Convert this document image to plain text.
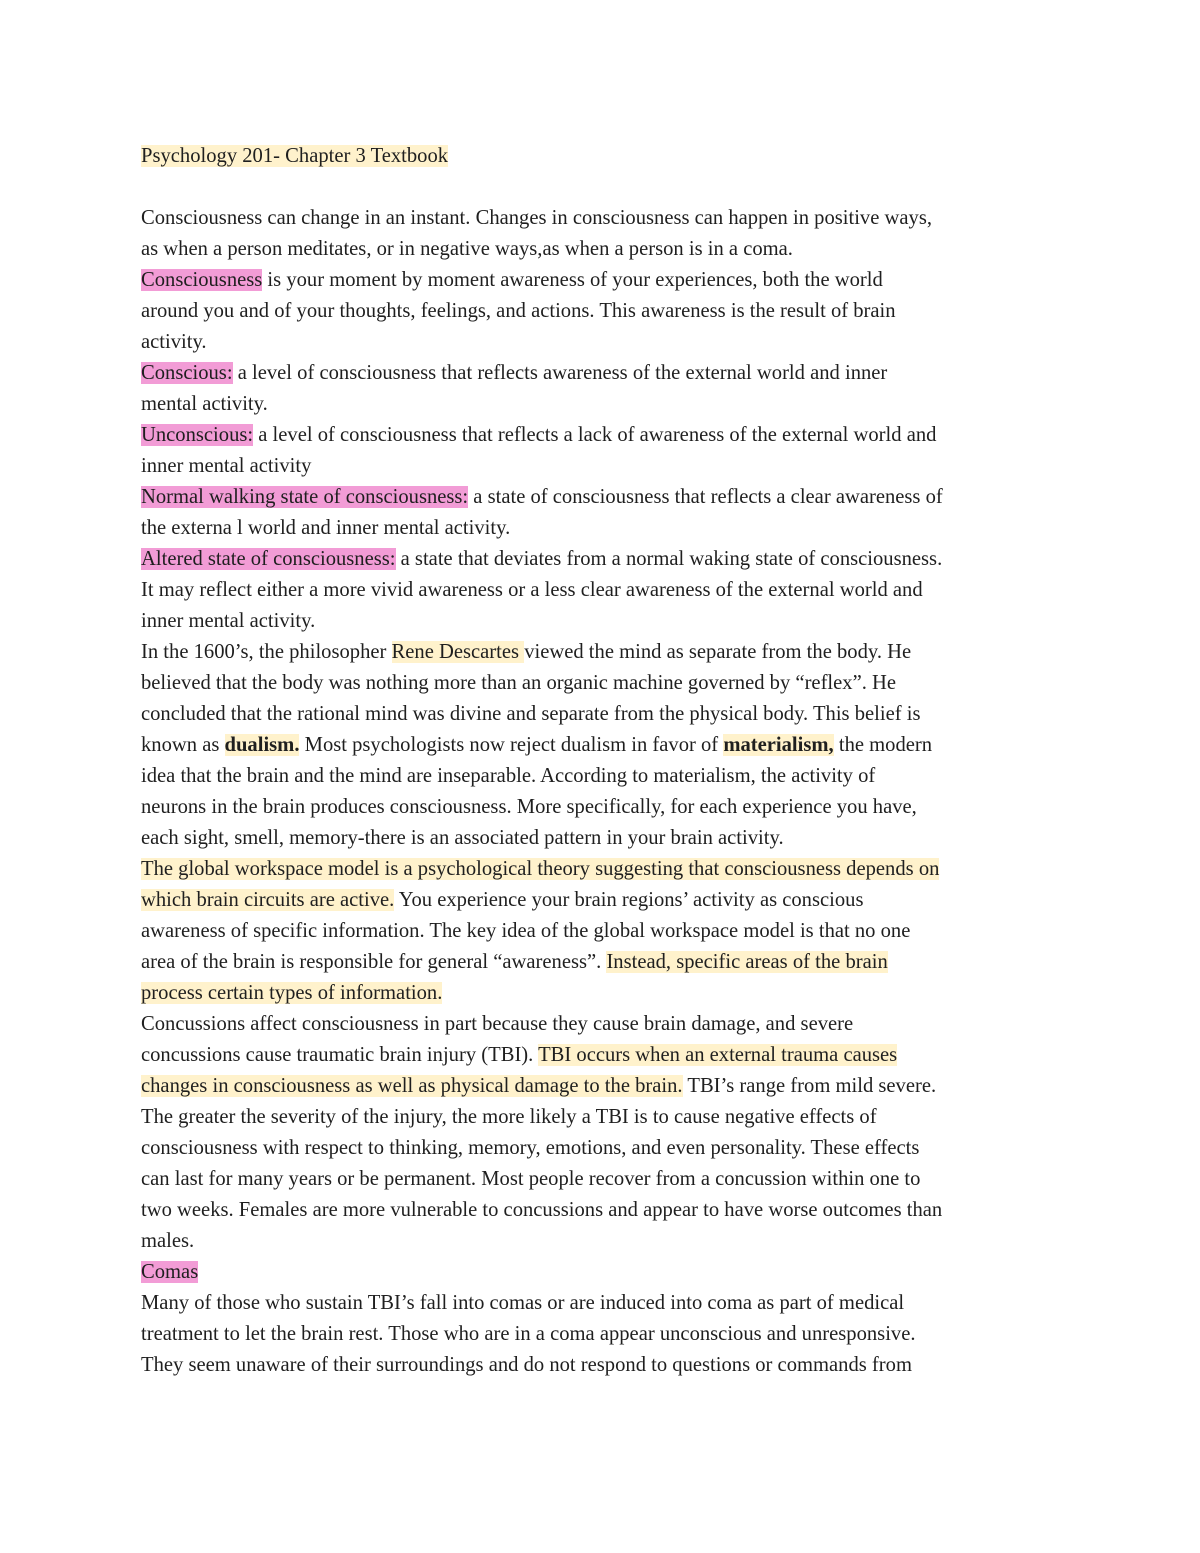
Psychology 201- Chapter 3 Textbook
Consciousness can change in an instant. Changes in consciousness can happen in positive ways,
as when a person meditates, or in negative ways,as when a person is in a coma.
Consciousness is your moment by moment awareness of your experiences, both the world
around you and of your thoughts, feelings, and actions. This awareness is the result of brain
activity.
Conscious: a level of consciousness that reflects awareness of the external world and inner
mental activity.
Unconscious: a level of consciousness that reflects a lack of awareness of the external world and
inner mental activity
Normal walking state of consciousness: a state of consciousness that reflects a clear awareness of
the externa l world and inner mental activity.
Altered state of consciousness: a state that deviates from a normal waking state of consciousness.
It may reflect either a more vivid awareness or a less clear awareness of the external world and
inner mental activity.
In the 1600’s, the philosopher Rene Descartes viewed the mind as separate from the body. He
believed that the body was nothing more than an organic machine governed by “reflex”. He
concluded that the rational mind was divine and separate from the physical body. This belief is
known as dualism. Most psychologists now reject dualism in favor of materialism, the modern
idea that the brain and the mind are inseparable. According to materialism, the activity of
neurons in the brain produces consciousness. More specifically, for each experience you have,
each sight, smell, memory-there is an associated pattern in your brain activity.
The global workspace model is a psychological theory suggesting that consciousness depends on
which brain circuits are active. You experience your brain regions’ activity as conscious
awareness of specific information. The key idea of the global workspace model is that no one
area of the brain is responsible for general “awareness”. Instead, specific areas of the brain
process certain types of information.
Concussions affect consciousness in part because they cause brain damage, and severe
concussions cause traumatic brain injury (TBI). TBI occurs when an external trauma causes
changes in consciousness as well as physical damage to the brain. TBI’s range from mild severe.
The greater the severity of the injury, the more likely a TBI is to cause negative effects of
consciousness with respect to thinking, memory, emotions, and even personality. These effects
can last for many years or be permanent. Most people recover from a concussion within one to
two weeks. Females are more vulnerable to concussions and appear to have worse outcomes than
males.
Comas
Many of those who sustain TBI’s fall into comas or are induced into coma as part of medical
treatment to let the brain rest. Those who are in a coma appear unconscious and unresponsive.
They seem unaware of their surroundings and do not respond to questions or commands from
